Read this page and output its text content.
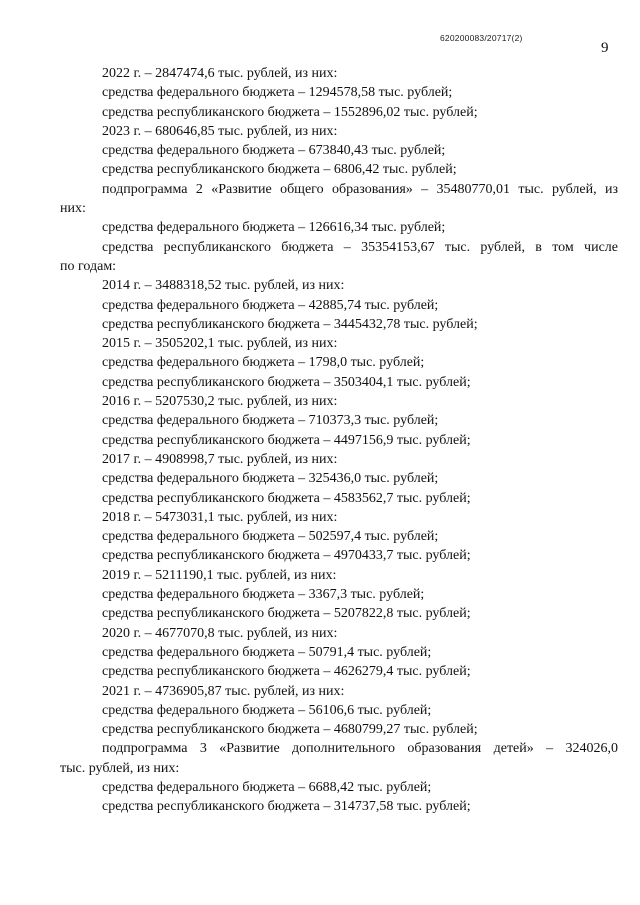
620200083/20717(2)
9
2022 г. – 2847474,6 тыс. рублей, из них:
средства федерального бюджета – 1294578,58 тыс. рублей;
средства республиканского бюджета – 1552896,02 тыс. рублей;
2023 г. – 680646,85 тыс. рублей, из них:
средства федерального бюджета – 673840,43 тыс. рублей;
средства республиканского бюджета – 6806,42 тыс. рублей;
подпрограмма 2 «Развитие общего образования» – 35480770,01 тыс. рублей, из
них:
средства федерального бюджета – 126616,34 тыс. рублей;
средства республиканского бюджета – 35354153,67 тыс. рублей, в том числе
по годам:
2014 г. – 3488318,52 тыс. рублей, из них:
средства федерального бюджета – 42885,74 тыс. рублей;
средства республиканского бюджета – 3445432,78 тыс. рублей;
2015 г. – 3505202,1 тыс. рублей, из них:
средства федерального бюджета – 1798,0 тыс. рублей;
средства республиканского бюджета – 3503404,1 тыс. рублей;
2016 г. – 5207530,2 тыс. рублей, из них:
средства федерального бюджета – 710373,3 тыс. рублей;
средства республиканского бюджета – 4497156,9 тыс. рублей;
2017 г. – 4908998,7 тыс. рублей, из них:
средства федерального бюджета – 325436,0 тыс. рублей;
средства республиканского бюджета – 4583562,7 тыс. рублей;
2018 г. – 5473031,1 тыс. рублей, из них:
средства федерального бюджета – 502597,4 тыс. рублей;
средства республиканского бюджета – 4970433,7 тыс. рублей;
2019 г. – 5211190,1 тыс. рублей, из них:
средства федерального бюджета – 3367,3 тыс. рублей;
средства республиканского бюджета – 5207822,8 тыс. рублей;
2020 г. – 4677070,8 тыс. рублей, из них:
средства федерального бюджета – 50791,4 тыс. рублей;
средства республиканского бюджета – 4626279,4 тыс. рублей;
2021 г. – 4736905,87 тыс. рублей, из них:
средства федерального бюджета – 56106,6 тыс. рублей;
средства республиканского бюджета – 4680799,27 тыс. рублей;
подпрограмма 3 «Развитие дополнительного образования детей» – 324026,0
тыс. рублей, из них:
средства федерального бюджета – 6688,42 тыс. рублей;
средства республиканского бюджета – 314737,58 тыс. рублей;
